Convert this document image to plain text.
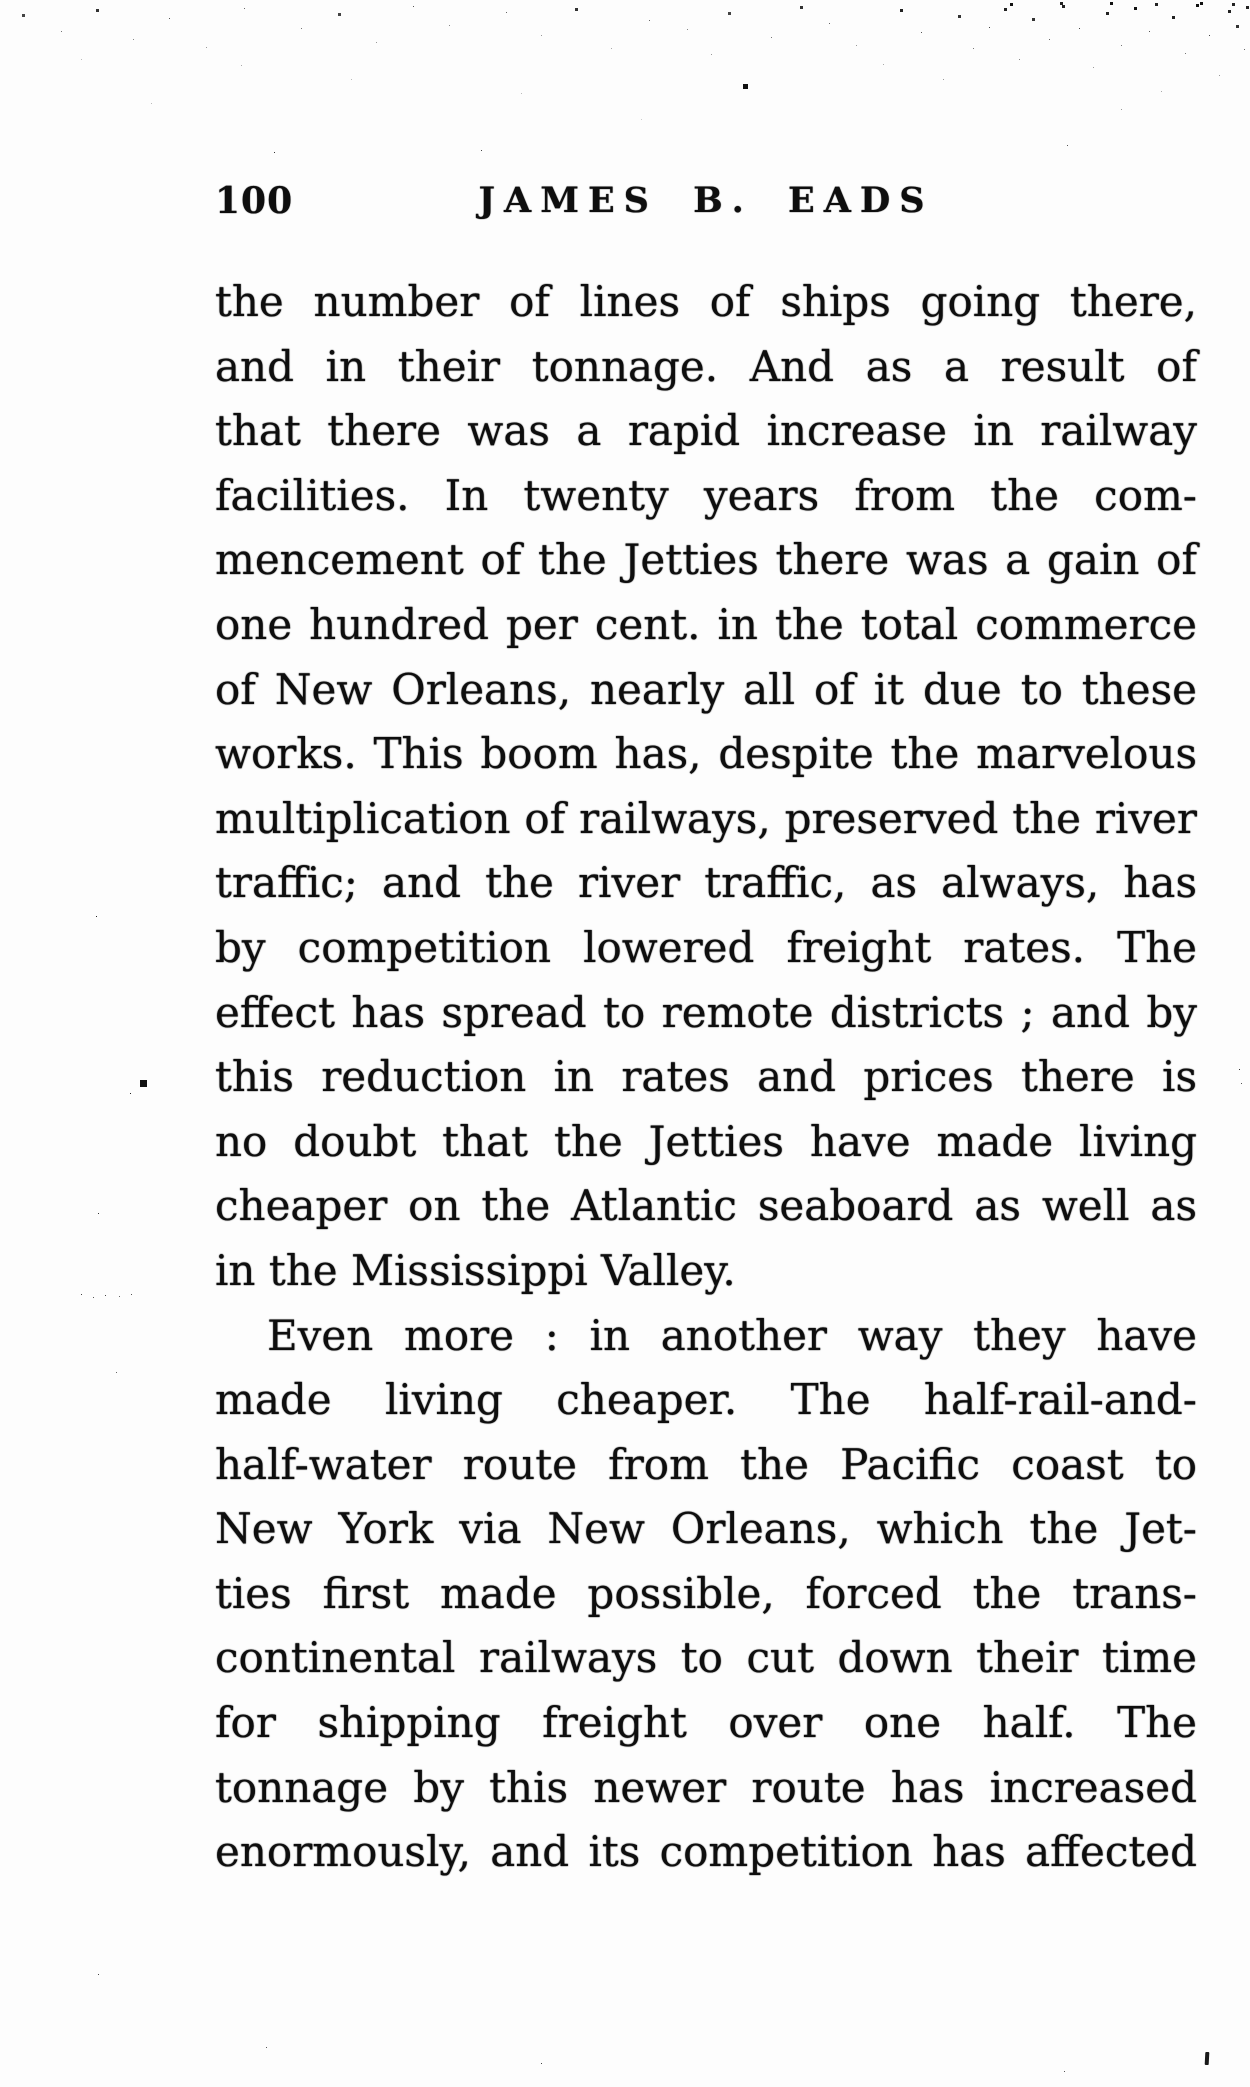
100	JAMES B. EADS
the number of lines of ships going there,
and in their tonnage. And as a result of
that there was a rapid increase in railway
facilities. In twenty years from the com-
mencement of the Jetties there was a gain of
one hundred per cent. in the total commerce
of New Orleans, nearly all of it due to these
works. This boom has, despite the marvelous
multiplication of railways, preserved the river
traffic; and the river traffic, as always, has
by competition lowered freight rates. The
effect has spread to remote districts ; and by
this reduction in rates and prices there is
no doubt that the Jetties have made living
cheaper on the Atlantic seaboard as well as
in the Mississippi Valley.
Even more : in another way they have
made living cheaper. The half-rail-and-
half-water route from the Pacific coast to
New York via New Orleans, which the Jet-
ties first made possible, forced the trans-
continental railways to cut down their time
for shipping freight over one half. The
tonnage by this newer route has increased
enormously, and its competition has affected
